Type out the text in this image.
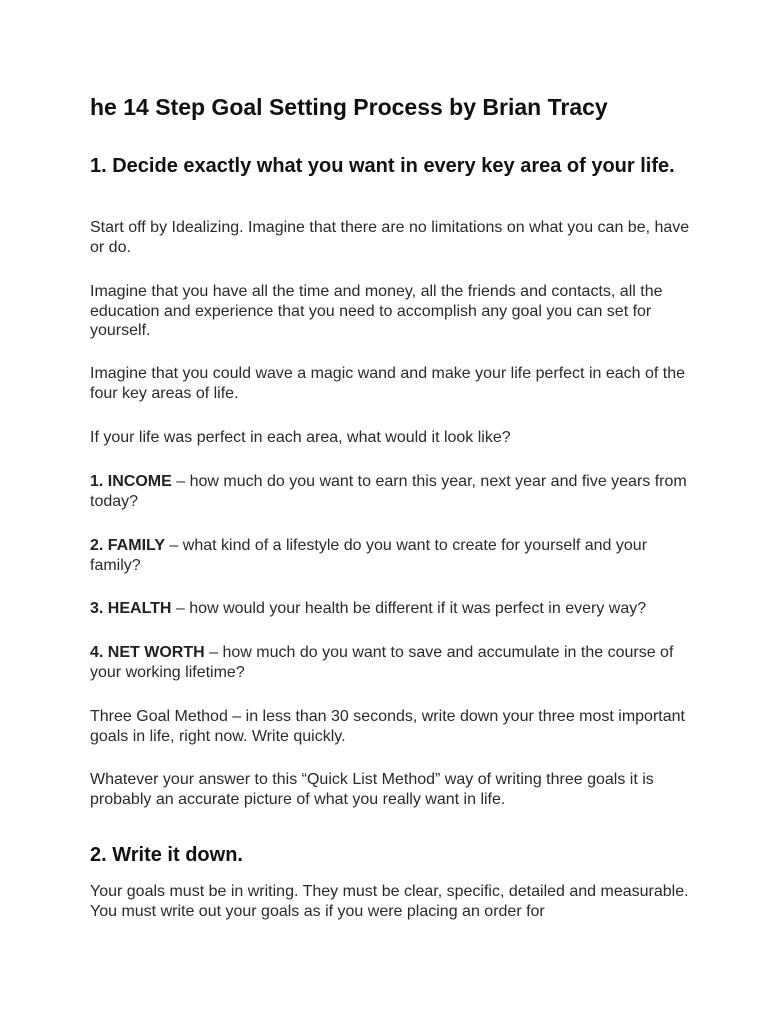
he 14 Step Goal Setting Process by Brian Tracy
1. Decide exactly what you want in every key area of your life.

Start off by Idealizing. Imagine that there are no limitations on what you can be, have or do.

Imagine that you have all the time and money, all the friends and contacts, all the education and experience that you need to accomplish any goal you can set for yourself.

Imagine that you could wave a magic wand and make your life perfect in each of the four key areas of life.

If your life was perfect in each area, what would it look like?

1. INCOME – how much do you want to earn this year, next year and five years from today?

2. FAMILY – what kind of a lifestyle do you want to create for yourself and your family?

3. HEALTH – how would your health be different if it was perfect in every way?

4. NET WORTH – how much do you want to save and accumulate in the course of your working lifetime?

Three Goal Method – in less than 30 seconds, write down your three most important goals in life, right now. Write quickly.

Whatever your answer to this “Quick List Method” way of writing three goals it is probably an accurate picture of what you really want in life.

2. Write it down.

Your goals must be in writing. They must be clear, specific, detailed and measurable. You must write out your goals as if you were placing an order for
